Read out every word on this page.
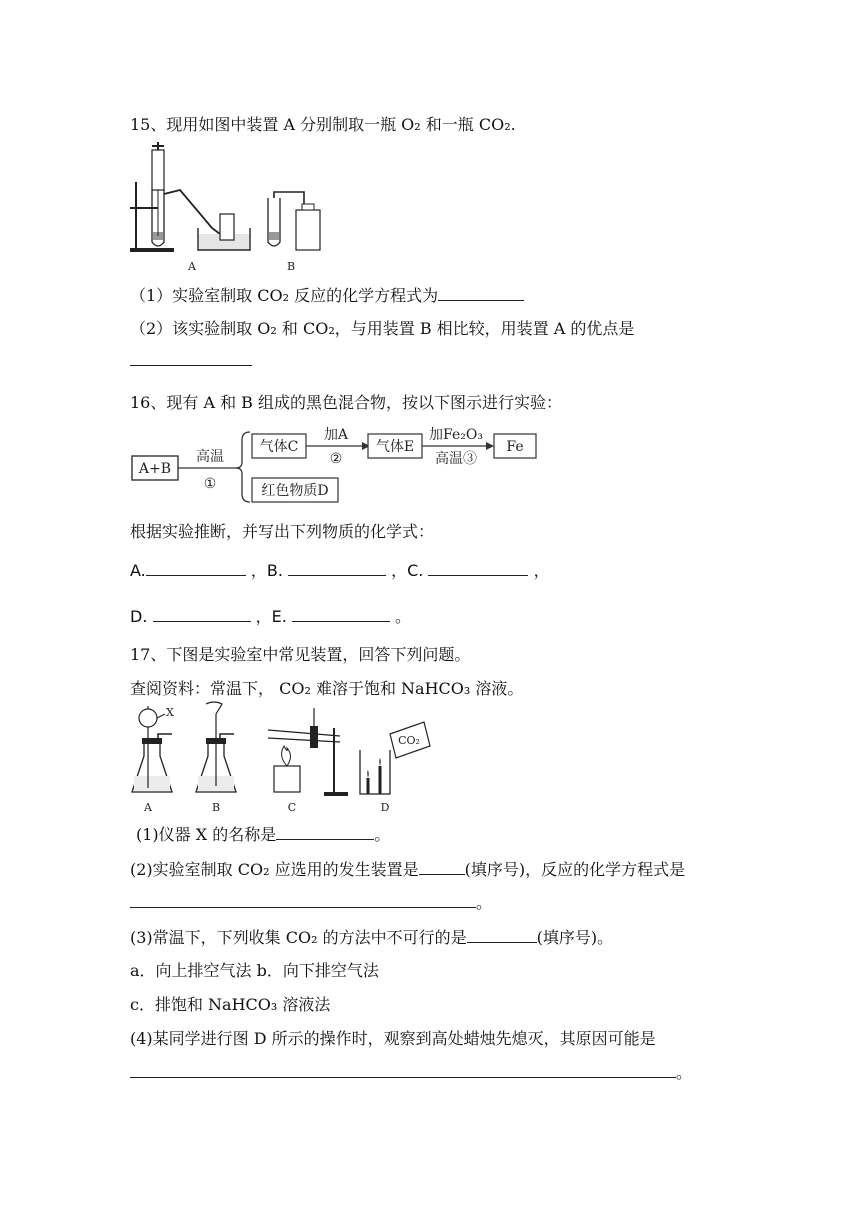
15、现用如图中装置 A 分别制取一瓶 O₂ 和一瓶 CO₂.
A	B
（1）实验室制取 CO₂ 反应的化学方程式为
（2）该实验制取 O₂ 和 CO₂，与用装置 B 相比较，用装置 A 的优点是
16、现有 A 和 B 组成的黑色混合物，按以下图示进行实验：
A+B
高温
①
气体C
加A
②
气体E
加Fe₂O₃
高温③
Fe
红色物质D
根据实验推断，并写出下列物质的化学式：
A.	，B.	，C.	，
D.	，E.	。
17、下图是实验室中常见装置，回答下列问题。
查阅资料：常温下， CO₂ 难溶于饱和 NaHCO₃ 溶液。
X
A	B	C
CO₂
D
(1)仪器 X 的名称是	。
(2)实验室制取 CO₂ 应选用的发生装置是	(填序号)，反应的化学方程式是
。
(3)常温下，下列收集 CO₂ 的方法中不可行的是	(填序号)。
a．向上排空气法 b．向下排空气法
c．排饱和 NaHCO₃ 溶液法
(4)某同学进行图 D 所示的操作时，观察到高处蜡烛先熄灭，其原因可能是
。
